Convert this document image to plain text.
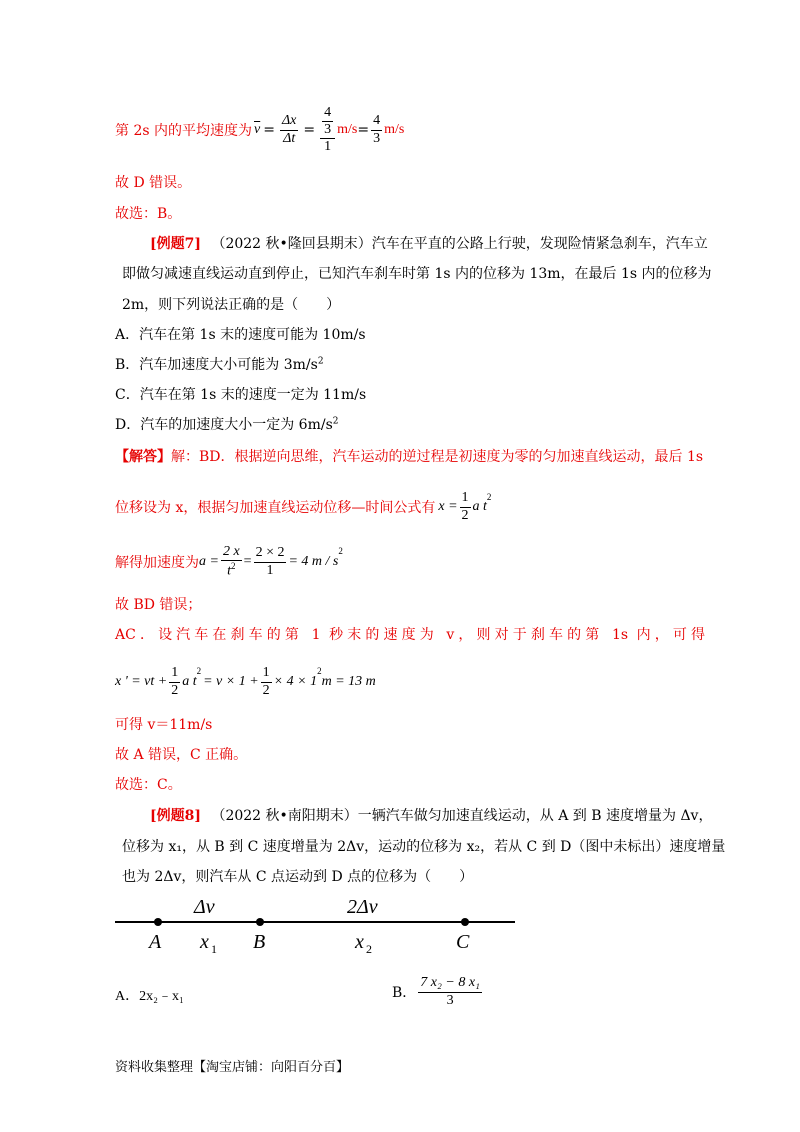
第 2s 内的平均速度为 $\overline{v} = \frac{\Delta x}{\Delta t} = \frac{\frac{4}{3}}{1} m/s = \frac{4}{3} m/s$
故 D 错误。
故选：B。
[例题7] （2022 秋•隆回县期末）汽车在平直的公路上行驶，发现险情紧急刹车，汽车立
即做匀减速直线运动直到停止，已知汽车刹车时第 1s 内的位移为 13m，在最后 1s 内的位移为
2m，则下列说法正确的是（　　）
A．汽车在第 1s 末的速度可能为 10m/s
B．汽车加速度大小可能为 $3m/s^2$
C．汽车在第 1s 末的速度一定为 11m/s
D．汽车的加速度大小一定为 $6m/s^2$
【解答】解：BD．根据逆向思维，汽车运动的逆过程是初速度为零的匀加速直线运动，最后 1s
位移设为 x，根据匀加速直线运动位移—时间公式有 $x = \frac{1}{2}$ a t
$^2$
解得加速度为 $a = \frac{2 x}{t^2} = \frac{2 \times 2}{1} = 4$ m / s
$^2$
故 BD 错误；
AC．设汽车在刹车的第 1 秒末的速度为 v，则对于刹车的第 1s 内，可得
x ' = vt + $\frac{1}{2}$ a t
$^2$
= $v \times 1 + \frac{1}{2} \times 4 \times 1$
$^2$
m = 13 m
可得 v＝11m/s
故 A 错误，C 正确。
故选：C。
[例题8] （2022 秋•南阳期末）一辆汽车做匀加速直线运动，从 A 到 B 速度增量为 Δv，
位移为 x₁，从 B 到 C 速度增量为 2Δv，运动的位移为 x₂，若从 C 到 D（图中未标出）速度增量
也为 2Δv，则汽车从 C 点运动到 D 点的位移为（　　）
Δv	2Δv
A	B	C
x	x
1	2
A．2x₂﹣x₁	B． $\frac{\text{7 x₂ − 8 x₁}}{3}$
资料收集整理【淘宝店铺：向阳百分百】
